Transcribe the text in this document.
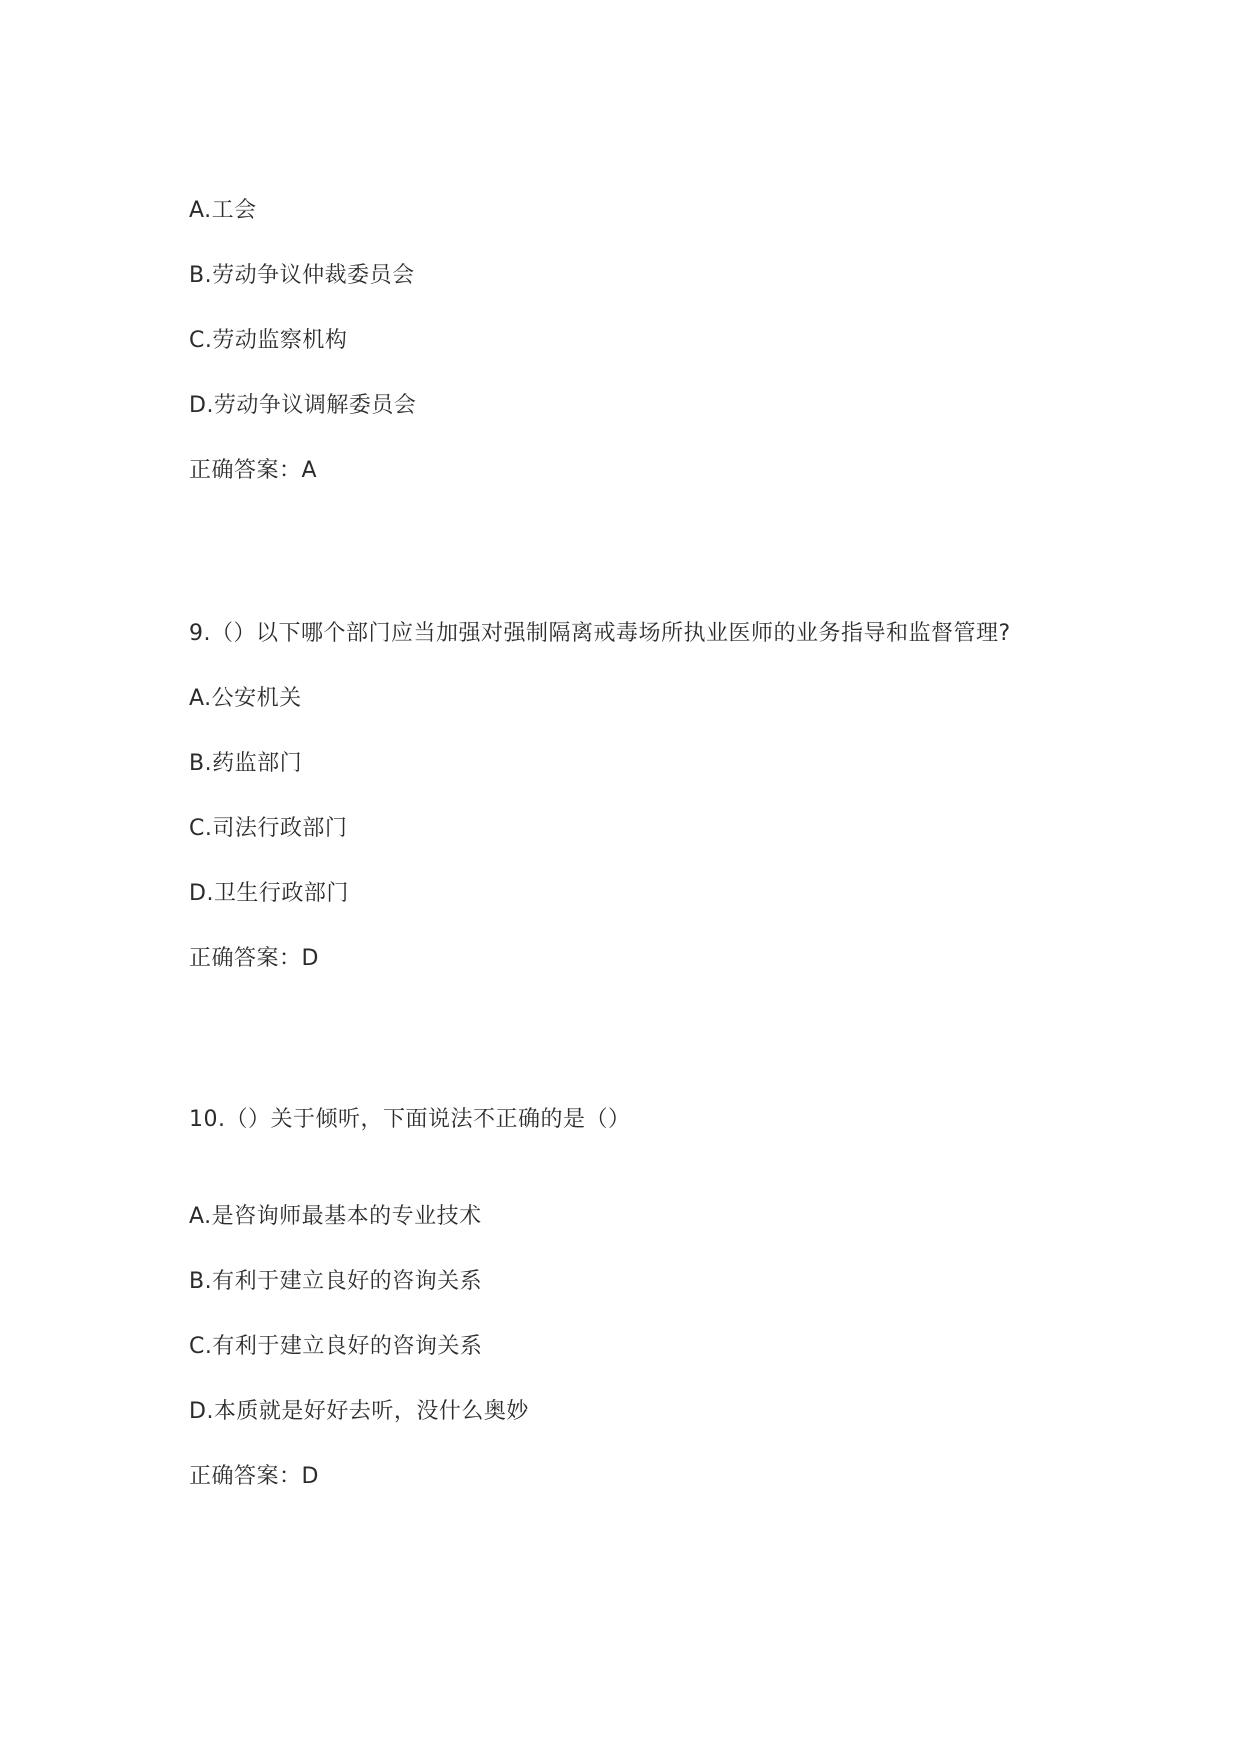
A.工会
B.劳动争议仲裁委员会
C.劳动监察机构
D.劳动争议调解委员会
正确答案：A
9.（）以下哪个部门应当加强对强制隔离戒毒场所执业医师的业务指导和监督管理?
A.公安机关
B.药监部门
C.司法行政部门
D.卫生行政部门
正确答案：D
10.（）关于倾听，下面说法不正确的是（）
A.是咨询师最基本的专业技术
B.有利于建立良好的咨询关系
C.有利于建立良好的咨询关系
D.本质就是好好去听，没什么奥妙
正确答案：D
